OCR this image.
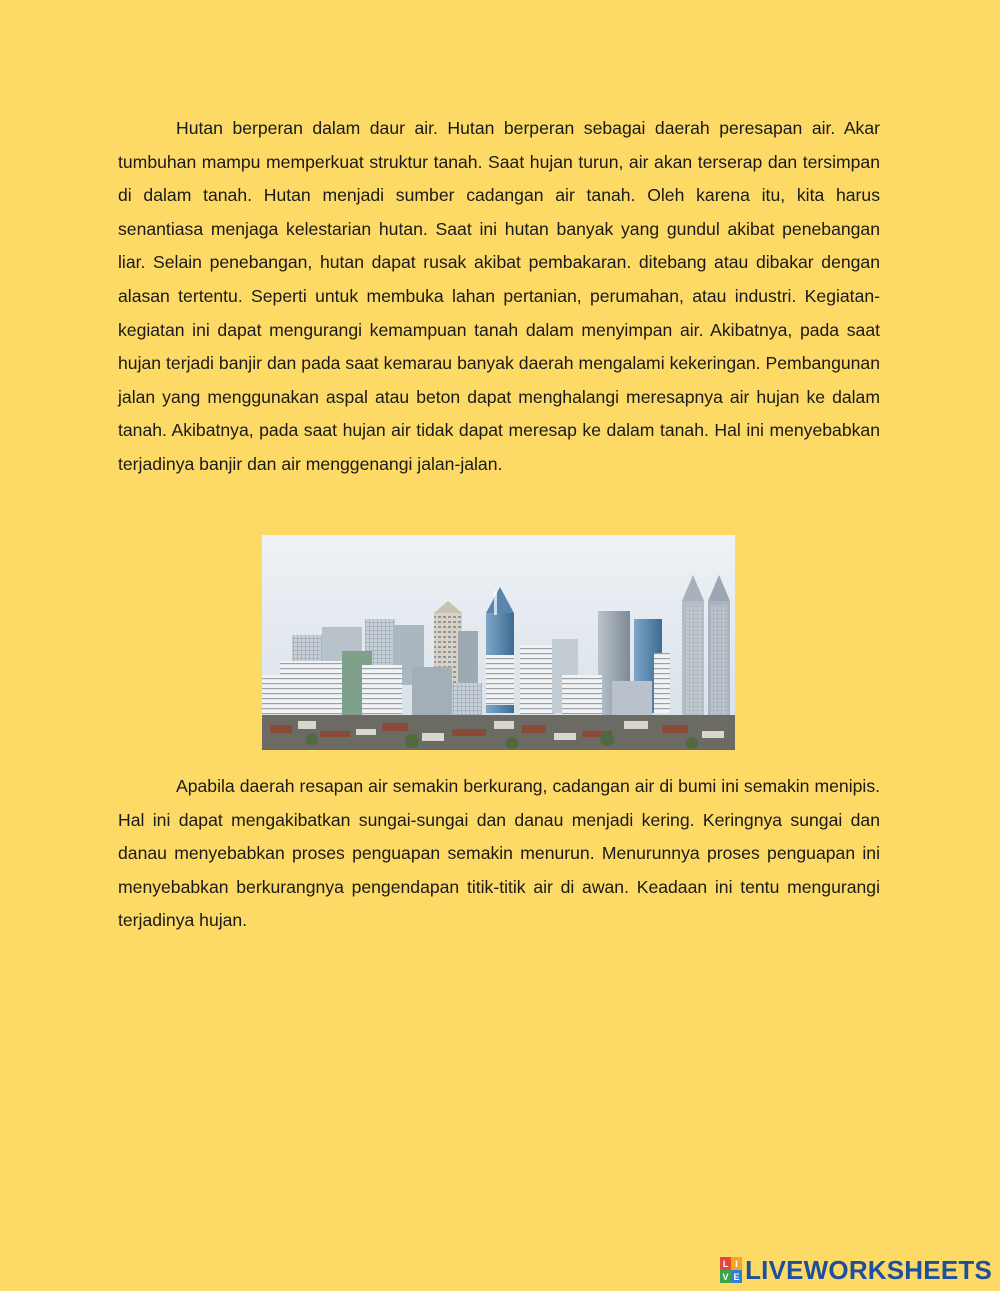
Hutan berperan dalam daur air. Hutan berperan sebagai daerah peresapan air. Akar tumbuhan mampu memperkuat struktur tanah. Saat hujan turun, air akan terserap dan tersimpan di dalam tanah. Hutan menjadi sumber cadangan air tanah. Oleh karena itu, kita harus senantiasa menjaga kelestarian hutan. Saat ini hutan banyak yang gundul akibat penebangan liar. Selain penebangan, hutan dapat rusak akibat pembakaran. ditebang atau dibakar dengan alasan tertentu. Seperti untuk membuka lahan pertanian, perumahan, atau industri. Kegiatan-kegiatan ini dapat mengurangi kemampuan tanah dalam menyimpan air. Akibatnya, pada saat hujan terjadi banjir dan pada saat kemarau banyak daerah mengalami kekeringan. Pembangunan jalan yang menggunakan aspal atau beton dapat menghalangi meresapnya air hujan ke dalam tanah. Akibatnya, pada saat hujan air tidak dapat meresap ke dalam tanah. Hal ini menyebabkan terjadinya banjir dan air menggenangi jalan-jalan.

Apabila daerah resapan air semakin berkurang, cadangan air di bumi ini semakin menipis. Hal ini dapat mengakibatkan sungai-sungai dan danau menjadi kering. Keringnya sungai dan danau menyebabkan proses penguapan semakin menurun. Menurunnya proses penguapan ini menyebabkan berkurangnya pengendapan titik-titik air di awan. Keadaan ini tentu mengurangi terjadinya hujan.

L I
V E LIVEWORKSHEETS
